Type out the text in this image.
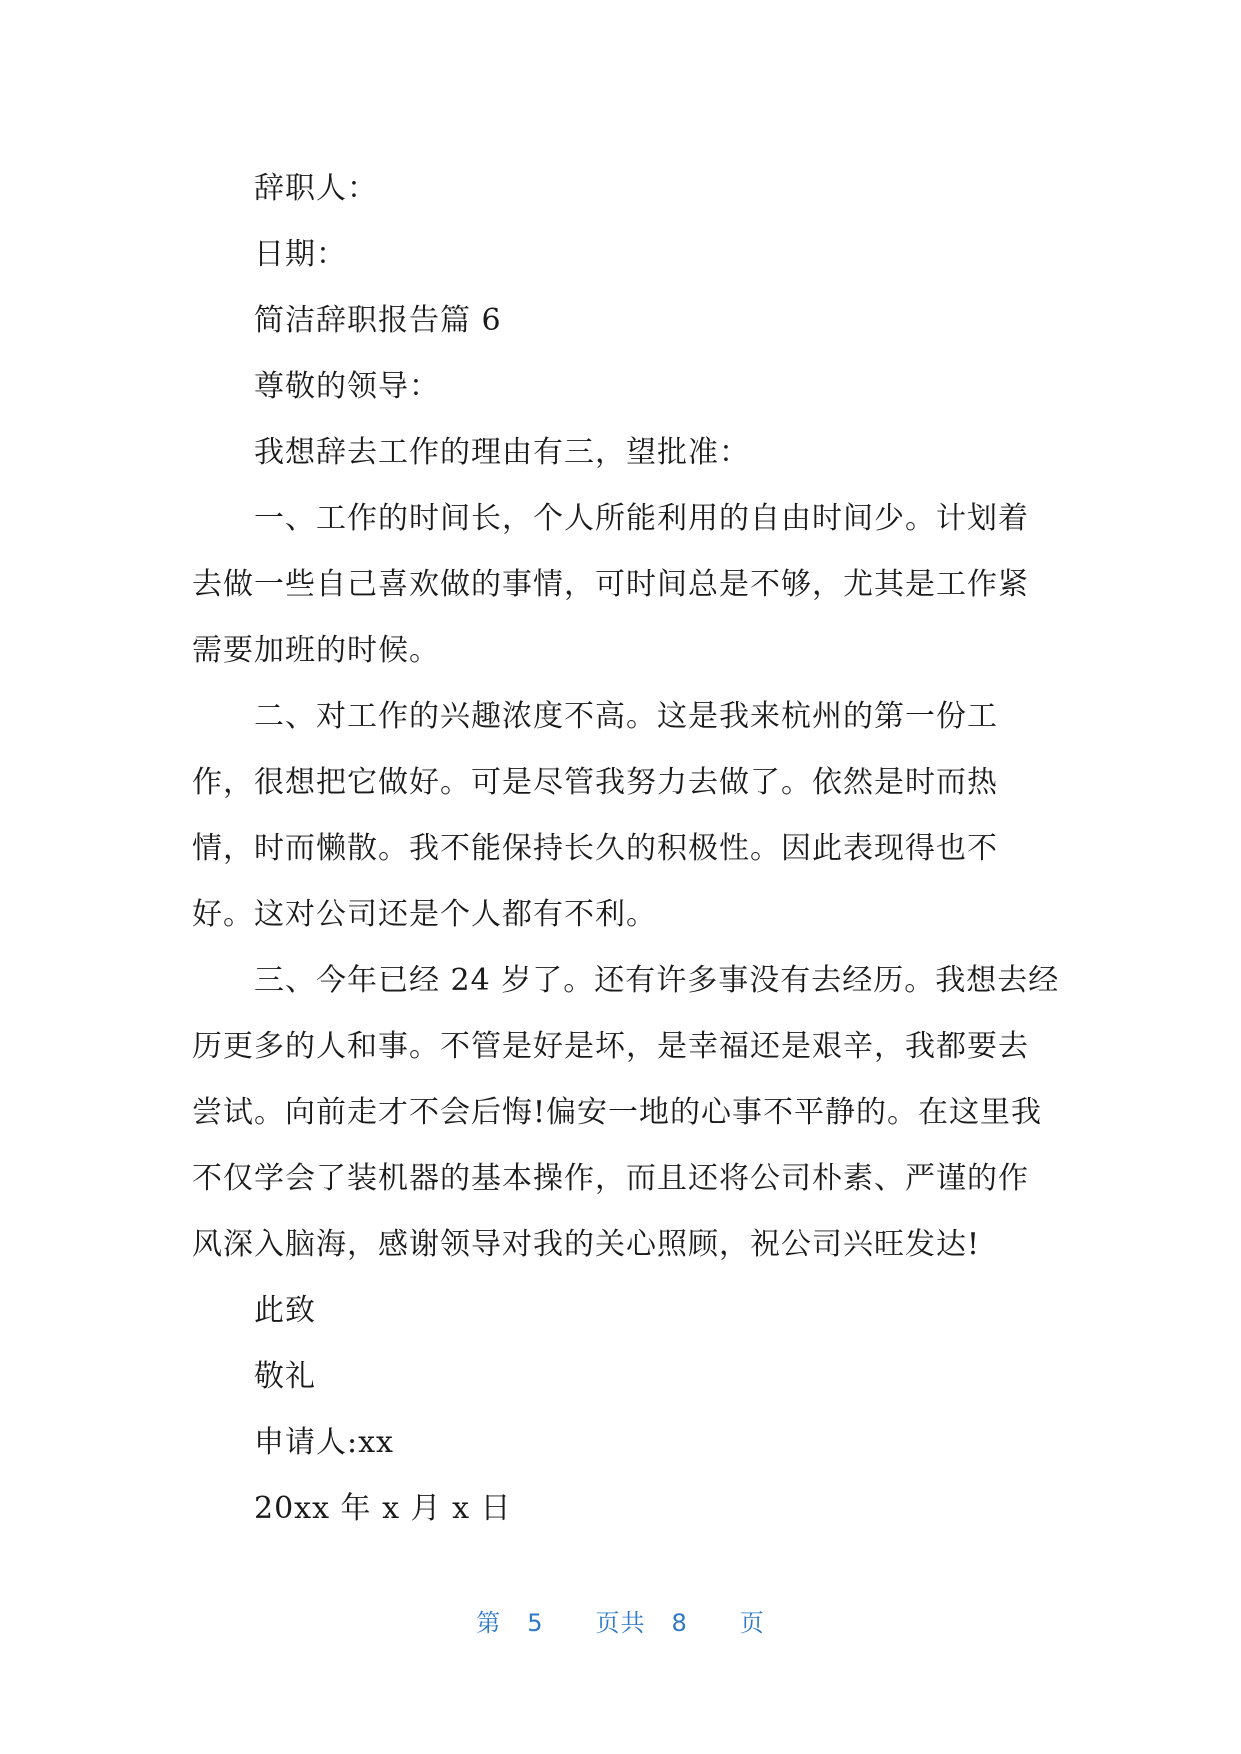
辞职人：
日期：
简洁辞职报告篇 6
尊敬的领导：
我想辞去工作的理由有三，望批准：
一、工作的时间长，个人所能利用的自由时间少。计划着
去做一些自己喜欢做的事情，可时间总是不够，尤其是工作紧
需要加班的时候。
二、对工作的兴趣浓度不高。这是我来杭州的第一份工
作，很想把它做好。可是尽管我努力去做了。依然是时而热
情，时而懒散。我不能保持长久的积极性。因此表现得也不
好。这对公司还是个人都有不利。
三、今年已经 24 岁了。还有许多事没有去经历。我想去经
历更多的人和事。不管是好是坏，是幸福还是艰辛，我都要去
尝试。向前走才不会后悔!偏安一地的心事不平静的。在这里我
不仅学会了装机器的基本操作，而且还将公司朴素、严谨的作
风深入脑海，感谢领导对我的关心照顾，祝公司兴旺发达!
此致
敬礼
申请人:xx
20xx 年 x 月 x 日
第 5 页共 8 页
